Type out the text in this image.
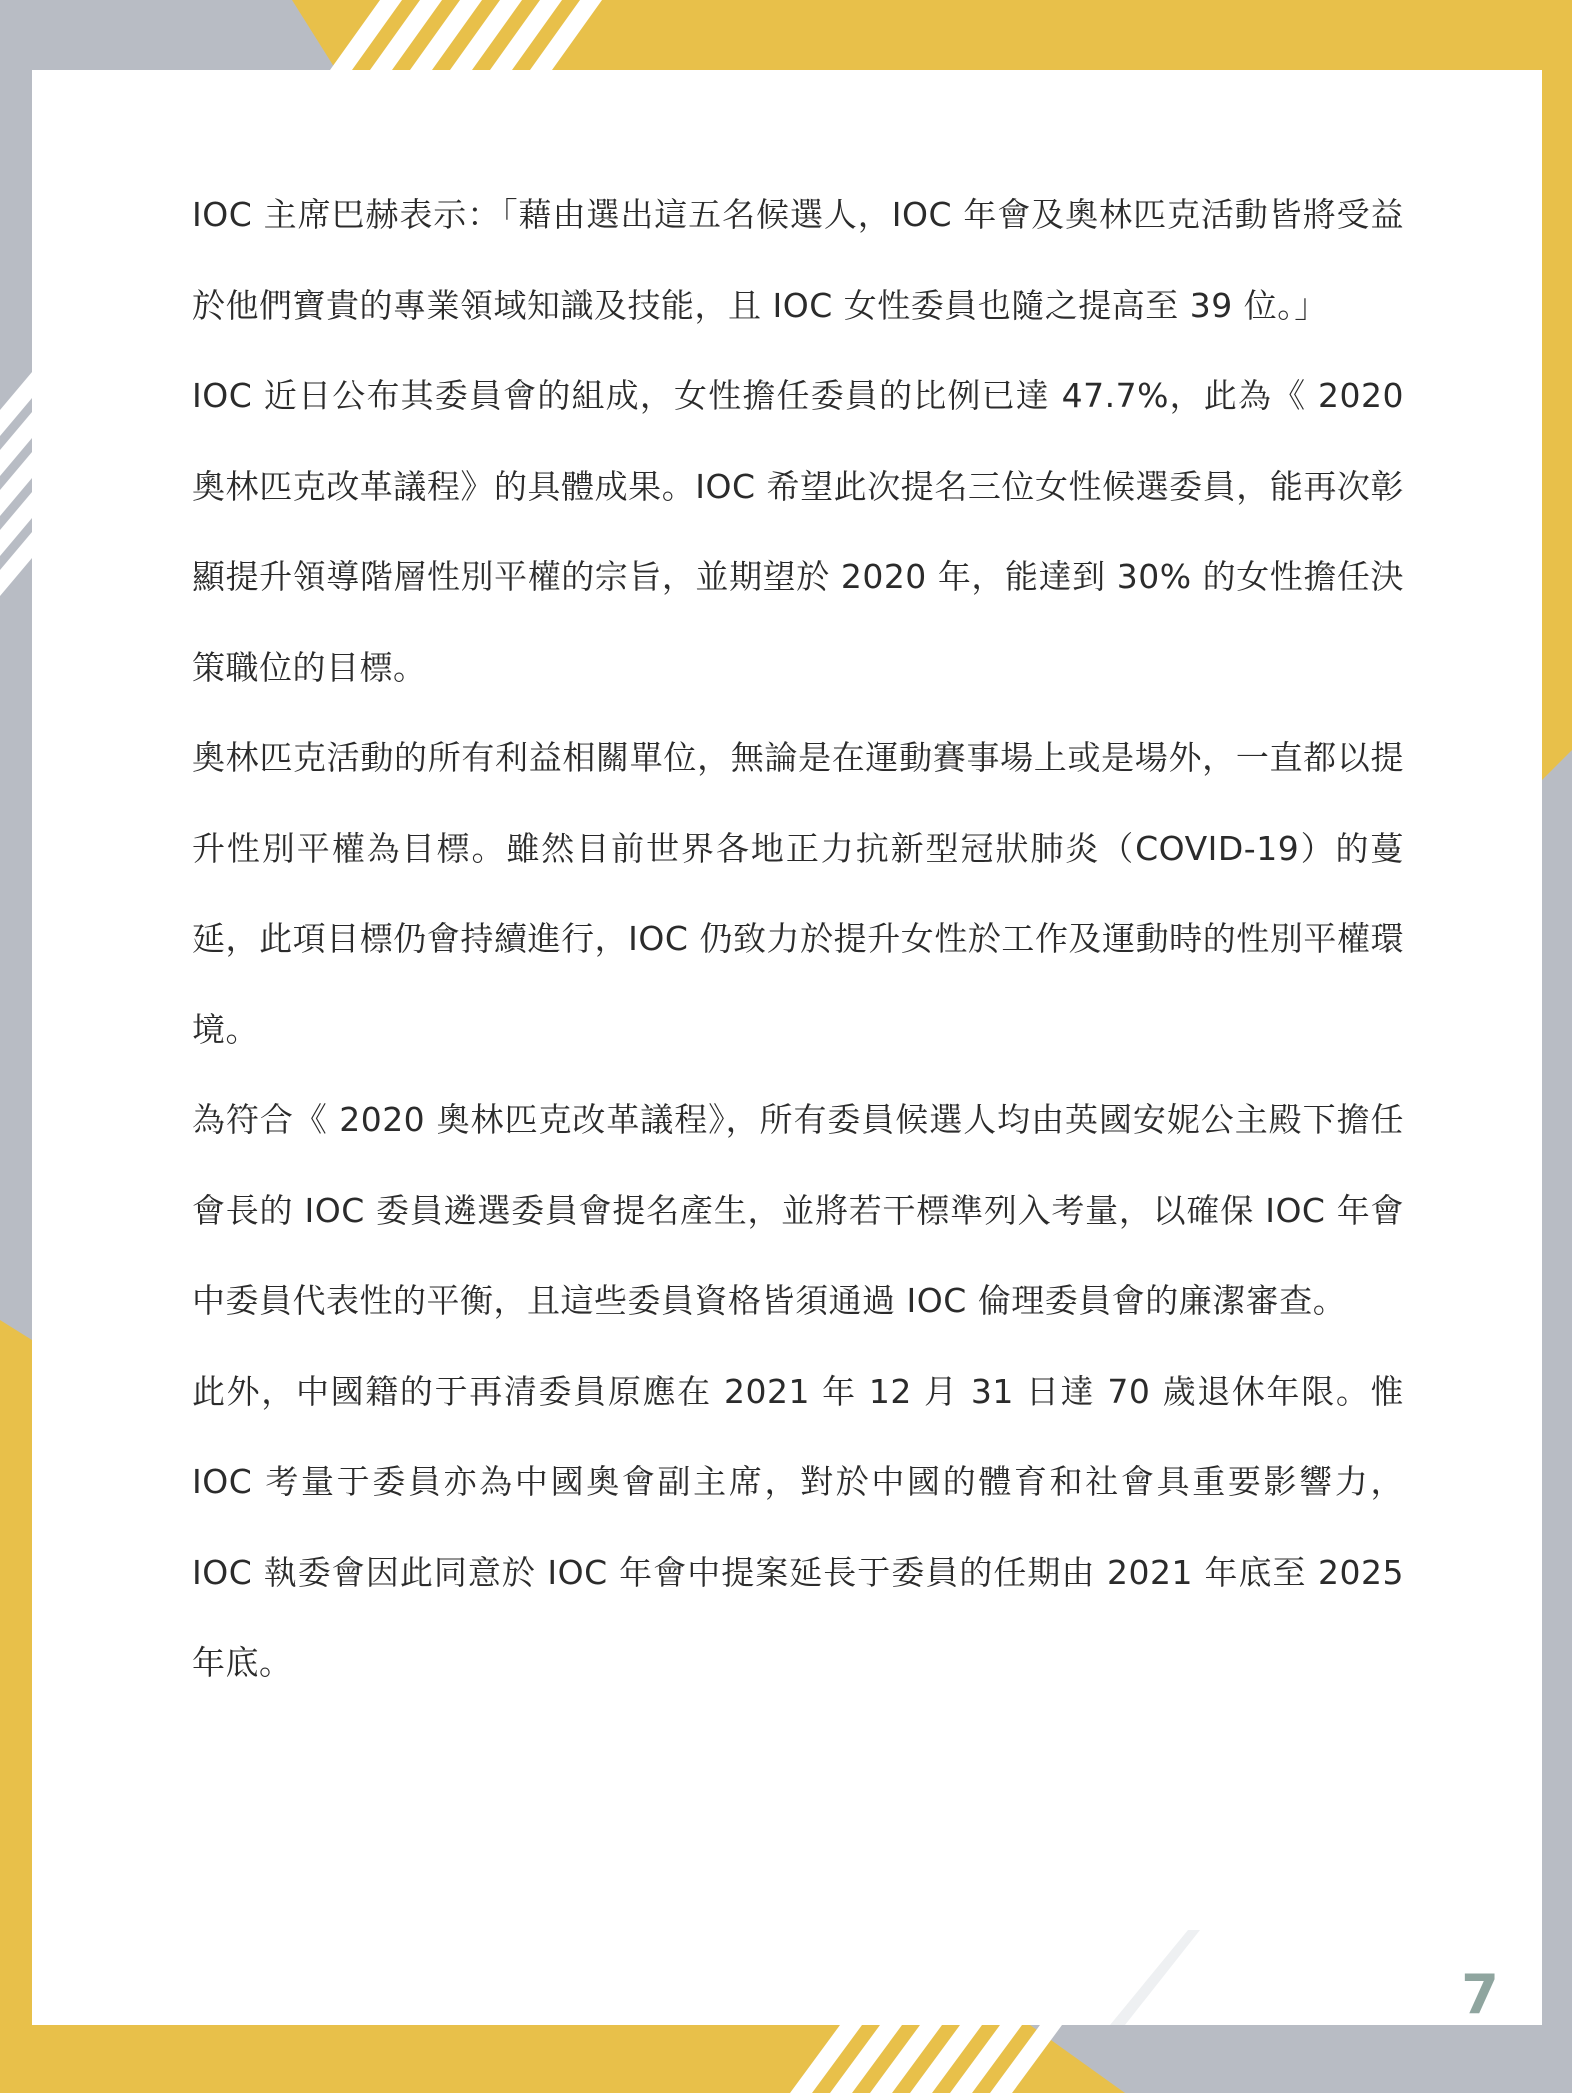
IOC 主席巴赫表示：「藉由選出這五名候選人，IOC 年會及奧林匹克活動皆將受益於他們寶貴的專業領域知識及技能，且 IOC 女性委員也隨之提高至 39 位。」

IOC 近日公布其委員會的組成，女性擔任委員的比例已達 47.7%，此為《 2020 奧林匹克改革議程》的具體成果。IOC 希望此次提名三位女性候選委員，能再次彰顯提升領導階層性別平權的宗旨，並期望於 2020 年，能達到 30% 的女性擔任決策職位的目標。

奧林匹克活動的所有利益相關單位，無論是在運動賽事場上或是場外，一直都以提升性別平權為目標。雖然目前世界各地正力抗新型冠狀肺炎（COVID-19）的蔓延，此項目標仍會持續進行，IOC 仍致力於提升女性於工作及運動時的性別平權環境。

為符合《 2020 奧林匹克改革議程》，所有委員候選人均由英國安妮公主殿下擔任會長的 IOC 委員遴選委員會提名產生，並將若干標準列入考量，以確保 IOC 年會中委員代表性的平衡，且這些委員資格皆須通過 IOC 倫理委員會的廉潔審查。

此外，中國籍的于再清委員原應在 2021 年 12 月 31 日達 70 歲退休年限。惟 IOC 考量于委員亦為中國奧會副主席，對於中國的體育和社會具重要影響力， IOC 執委會因此同意於 IOC 年會中提案延長于委員的任期由 2021 年底至 2025 年底。

7
